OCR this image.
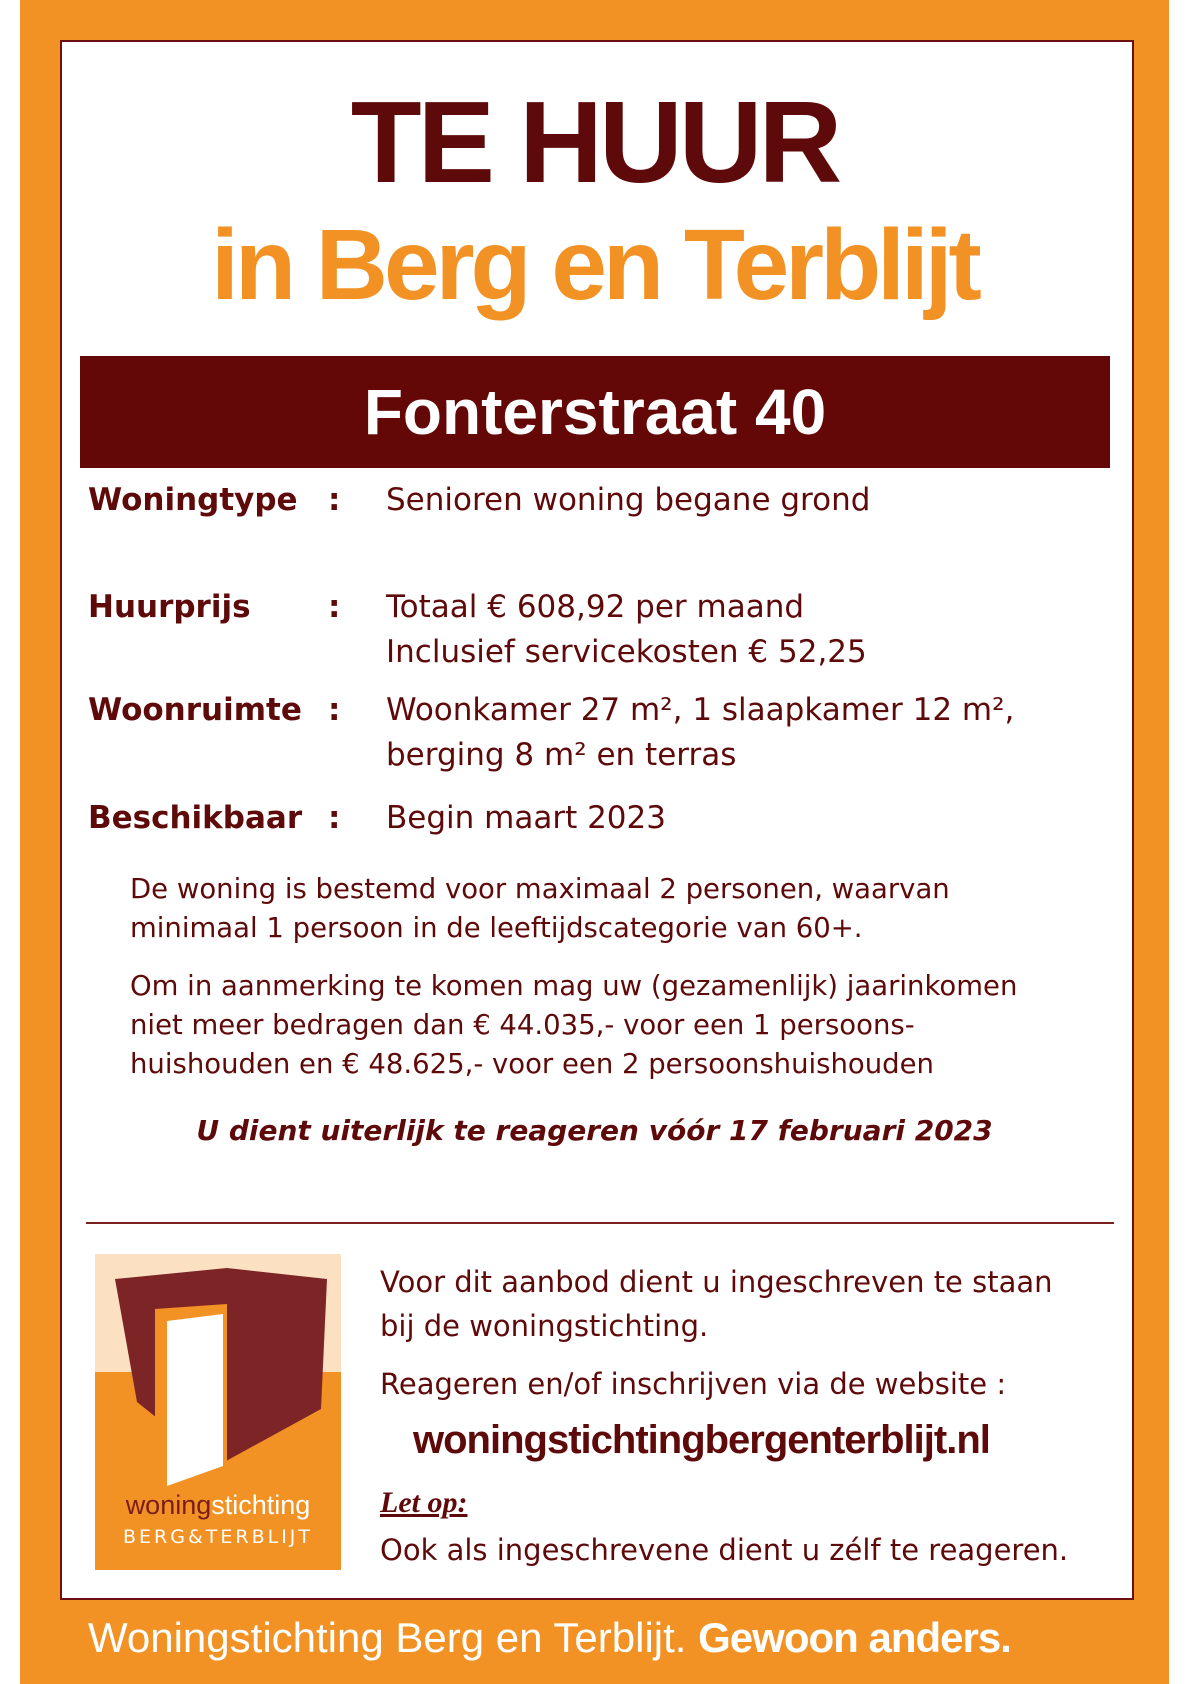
TE HUUR
in Berg en Terblijt
Fonterstraat 40
Woningtype : Senioren woning begane grond
Huurprijs : Totaal € 608,92 per maand
Inclusief servicekosten € 52,25
Woonruimte : Woonkamer 27 m², 1 slaapkamer 12 m²,
berging 8 m² en terras
Beschikbaar : Begin maart 2023
De woning is bestemd voor maximaal 2 personen, waarvan
minimaal 1 persoon in de leeftijdscategorie van 60+.
Om in aanmerking te komen mag uw (gezamenlijk) jaarinkomen
niet meer bedragen dan € 44.035,- voor een 1 persoons-
huishouden en € 48.625,- voor een 2 persoonshuishouden
U dient uiterlijk te reageren vóór 17 februari 2023
woningstichting
BERG&TERBLIJT
Voor dit aanbod dient u ingeschreven te staan
bij de woningstichting.
Reageren en/of inschrijven via de website :
woningstichtingbergenterblijt.nl
Let op:
Ook als ingeschrevene dient u zélf te reageren.
Woningstichting Berg en Terblijt. Gewoon anders.
